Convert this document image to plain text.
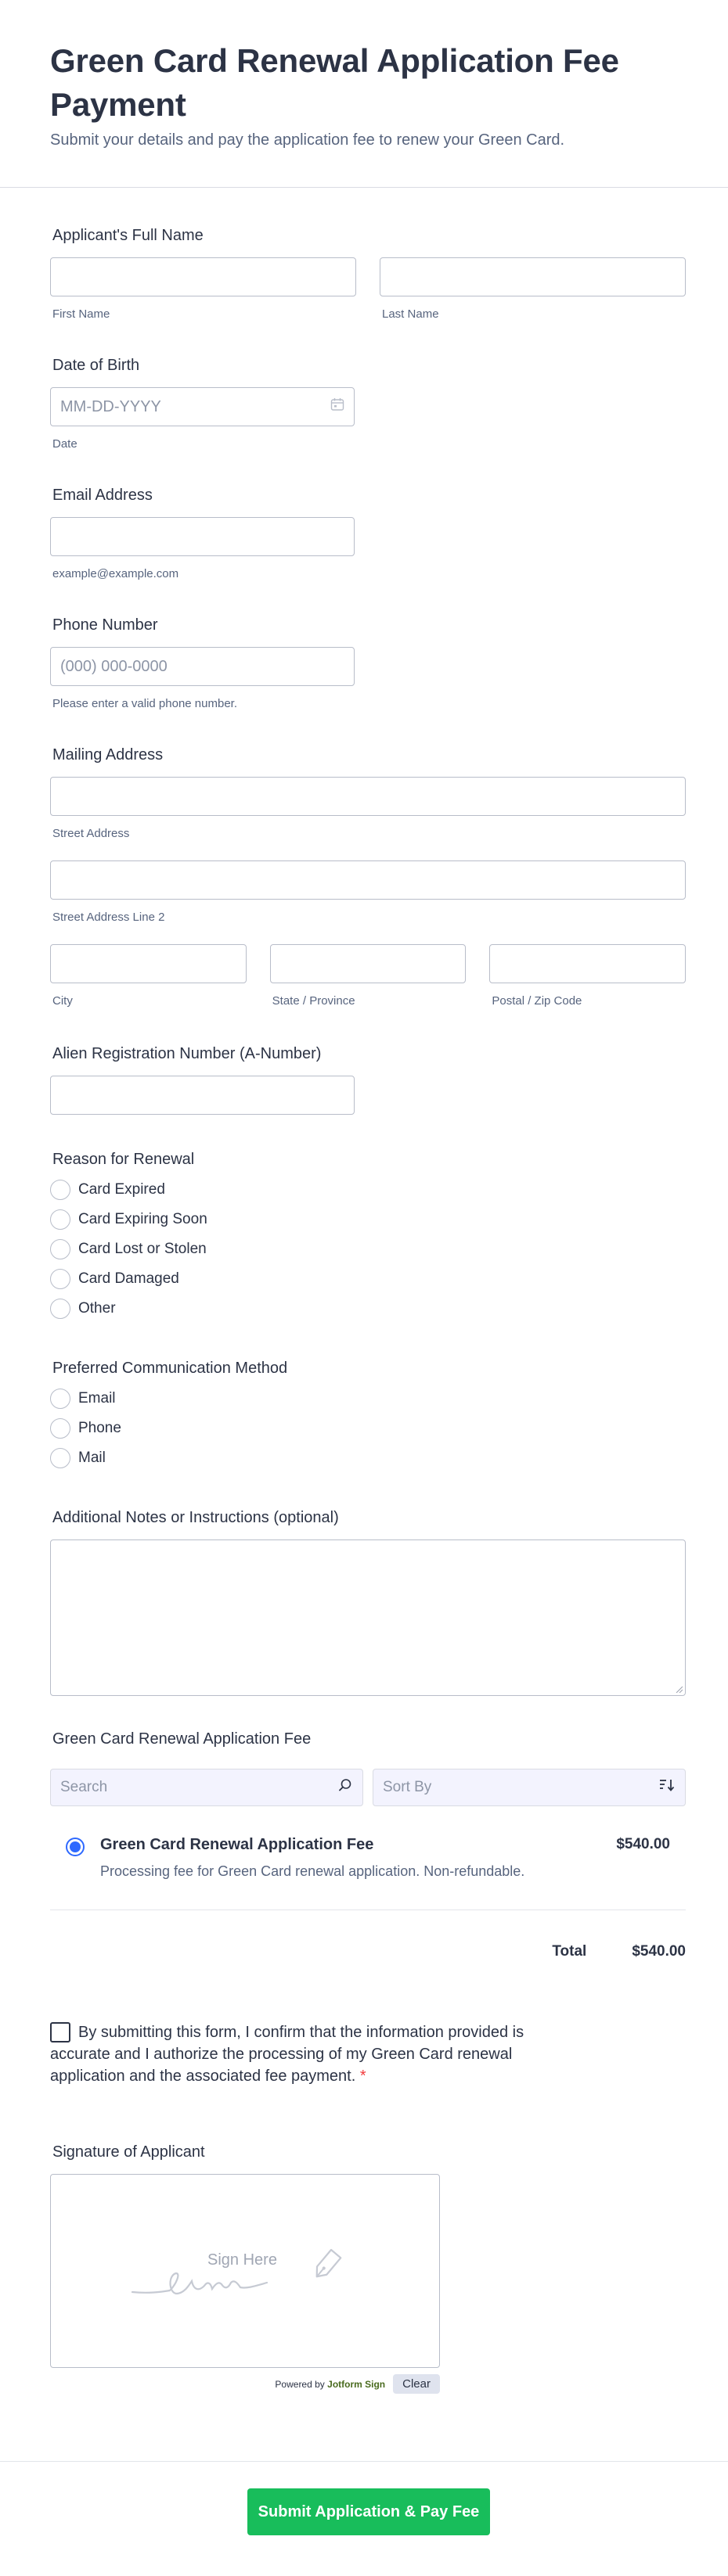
Green Card Renewal Application Fee Payment

Submit your details and pay the application fee to renew your Green Card.

Applicant's Full Name
First Name	Last Name
Date of Birth
MM-DD-YYYY
Date
Email Address
example@example.com
Phone Number
(000) 000-0000
Please enter a valid phone number.
Mailing Address
Street Address
Street Address Line 2
City	State / Province	Postal / Zip Code
Alien Registration Number (A-Number)
Reason for Renewal
Card Expired
Card Expiring Soon
Card Lost or Stolen
Card Damaged
Other
Preferred Communication Method
Email
Phone
Mail
Additional Notes or Instructions (optional)
Green Card Renewal Application Fee
Search	Sort By
Green Card Renewal Application Fee
Processing fee for Green Card renewal application. Non-refundable.
$540.00
Total	$540.00
By submitting this form, I confirm that the information provided is accurate and I authorize the processing of my Green Card renewal application and the associated fee payment. *
Signature of Applicant
Sign Here
Powered by Jotform Sign	Clear
Submit Application & Pay Fee
